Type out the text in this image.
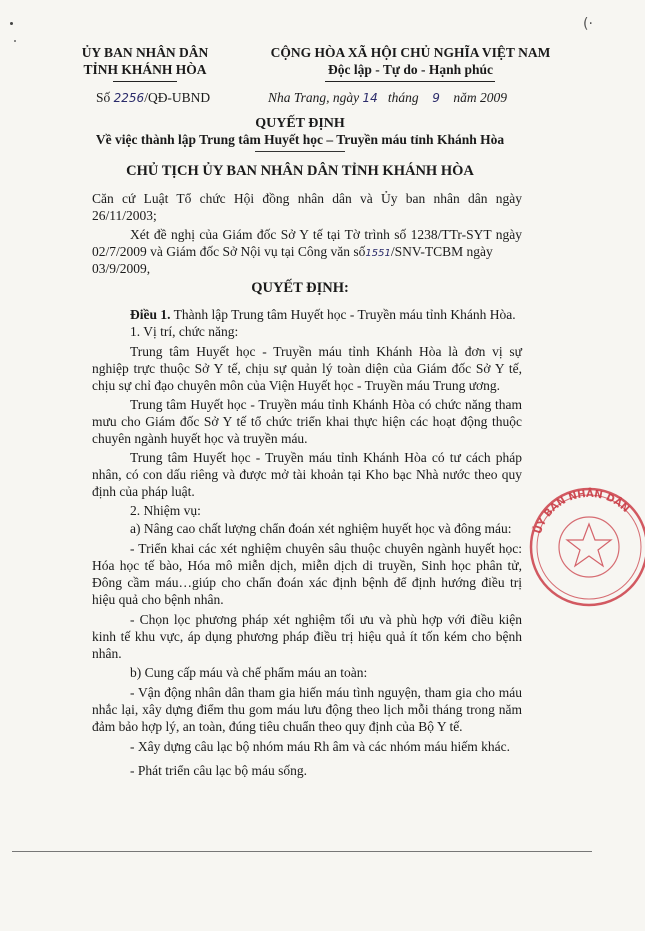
(·
ỦY BAN NHÂN DÂN
TỈNH KHÁNH HÒA
CỘNG HÒA XÃ HỘI CHỦ NGHĨA VIỆT NAM
Độc lập - Tự do - Hạnh phúc
Số 2256/QĐ-UBND	Nha Trang, ngày 14 tháng 9 năm 2009
QUYẾT ĐỊNH
Về việc thành lập Trung tâm Huyết học – Truyền máu tỉnh Khánh Hòa
CHỦ TỊCH ỦY BAN NHÂN DÂN TỈNH KHÁNH HÒA
Căn cứ Luật Tổ chức Hội đồng nhân dân và Ủy ban nhân dân ngày
26/11/2003;
Xét đề nghị của Giám đốc Sở Y tế tại Tờ trình số 1238/TTr-SYT ngày
02/7/2009 và Giám đốc Sở Nội vụ tại Công văn số1551/SNV-TCBM ngày
03/9/2009,
QUYẾT ĐỊNH:
Điều 1. Thành lập Trung tâm Huyết học - Truyền máu tỉnh Khánh Hòa.
1. Vị trí, chức năng:
Trung tâm Huyết học - Truyền máu tỉnh Khánh Hòa là đơn vị sự
nghiệp trực thuộc Sở Y tế, chịu sự quản lý toàn diện của Giám đốc Sở Y tế,
chịu sự chỉ đạo chuyên môn của Viện Huyết học - Truyền máu Trung ương.
Trung tâm Huyết học - Truyền máu tỉnh Khánh Hòa có chức năng tham
mưu cho Giám đốc Sở Y tế tổ chức triển khai thực hiện các hoạt động thuộc
chuyên ngành huyết học và truyền máu.
Trung tâm Huyết học - Truyền máu tỉnh Khánh Hòa có tư cách pháp
nhân, có con dấu riêng và được mở tài khoản tại Kho bạc Nhà nước theo quy
định của pháp luật.
2. Nhiệm vụ:
a) Nâng cao chất lượng chẩn đoán xét nghiệm huyết học và đông máu:
- Triển khai các xét nghiệm chuyên sâu thuộc chuyên ngành huyết học:
Hóa học tế bào, Hóa mô miễn dịch, miễn dịch di truyền, Sinh học phân tử,
Đông cầm máu…giúp cho chẩn đoán xác định bệnh để định hướng điều trị
hiệu quả cho bệnh nhân.
- Chọn lọc phương pháp xét nghiệm tối ưu và phù hợp với điều kiện
kinh tế khu vực, áp dụng phương pháp điều trị hiệu quả ít tốn kém cho bệnh
nhân.
b) Cung cấp máu và chế phẩm máu an toàn:
- Vận động nhân dân tham gia hiến máu tình nguyện, tham gia cho máu
nhắc lại, xây dựng điểm thu gom máu lưu động theo lịch mỗi tháng trong năm
đảm bảo hợp lý, an toàn, đúng tiêu chuẩn theo quy định của Bộ Y tế.
- Xây dựng câu lạc bộ nhóm máu Rh âm và các nhóm máu hiếm khác.
- Phát triển câu lạc bộ máu sống.
ỦY BAN NHÂN DÂN
